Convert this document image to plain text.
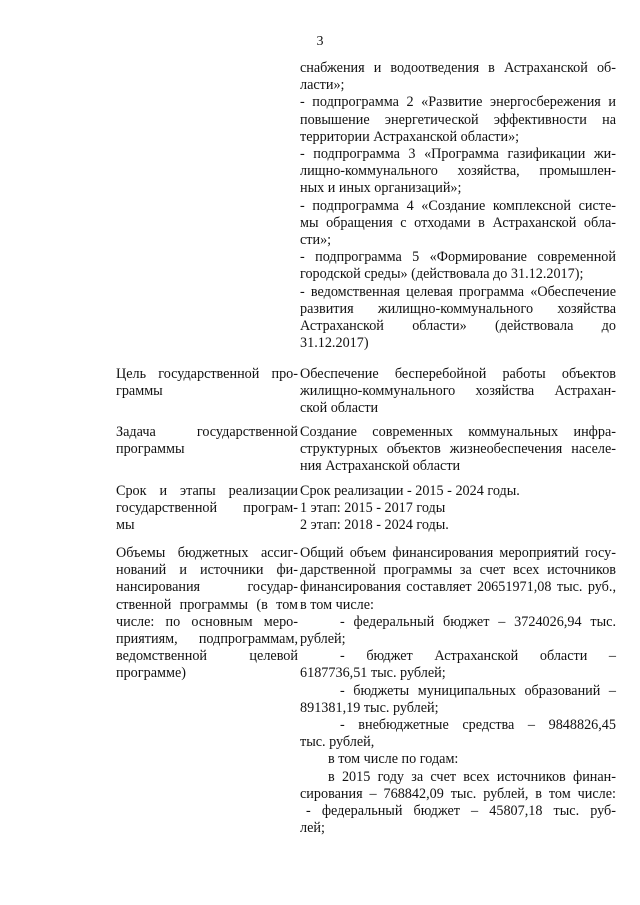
3
снабжения и водоотведения в Астраханской об-
ласти»;
- подпрограмма 2 «Развитие энергосбережения и
повышение энергетической эффективности на
территории Астраханской области»;
- подпрограмма 3 «Программа газификации жи-
лищно-коммунального хозяйства, промышлен-
ных и иных организаций»;
- подпрограмма 4 «Создание комплексной систе-
мы обращения с отходами в Астраханской обла-
сти»;
- подпрограмма 5 «Формирование современной
городской среды» (действовала до 31.12.2017);
- ведомственная целевая программа «Обеспечение
развития жилищно-коммунального хозяйства
Астраханской области» (действовала до
31.12.2017)
Цель государственной про-
граммы
Обеспечение бесперебойной работы объектов
жилищно-коммунального хозяйства Астрахан-
ской области
Задача государственной
программы
Создание современных коммунальных инфра-
структурных объектов жизнеобеспечения населе-
ния Астраханской области
Срок и этапы реализации
государственной програм-
мы
Срок реализации - 2015 - 2024 годы.
1 этап: 2015 - 2017 годы
2 этап: 2018 - 2024 годы.
Объемы бюджетных ассиг-
нований и источники фи-
нансирования государ-
ственной программы (в том
числе: по основным меро-
приятиям, подпрограммам,
ведомственной целевой
программе)
Общий объем финансирования мероприятий госу-
дарственной программы за счет всех источников
финансирования составляет 20651971,08 тыс. руб.,
в том числе:
- федеральный бюджет – 3724026,94 тыс.
рублей;
- бюджет Астраханской области –
6187736,51 тыс. рублей;
- бюджеты муниципальных образований –
891381,19 тыс. рублей;
- внебюджетные средства – 9848826,45
тыс. рублей,
в том числе по годам:
в 2015 году за счет всех источников финан-
сирования – 768842,09 тыс. рублей, в том числе:
- федеральный бюджет – 45807,18 тыс. руб-
лей;
